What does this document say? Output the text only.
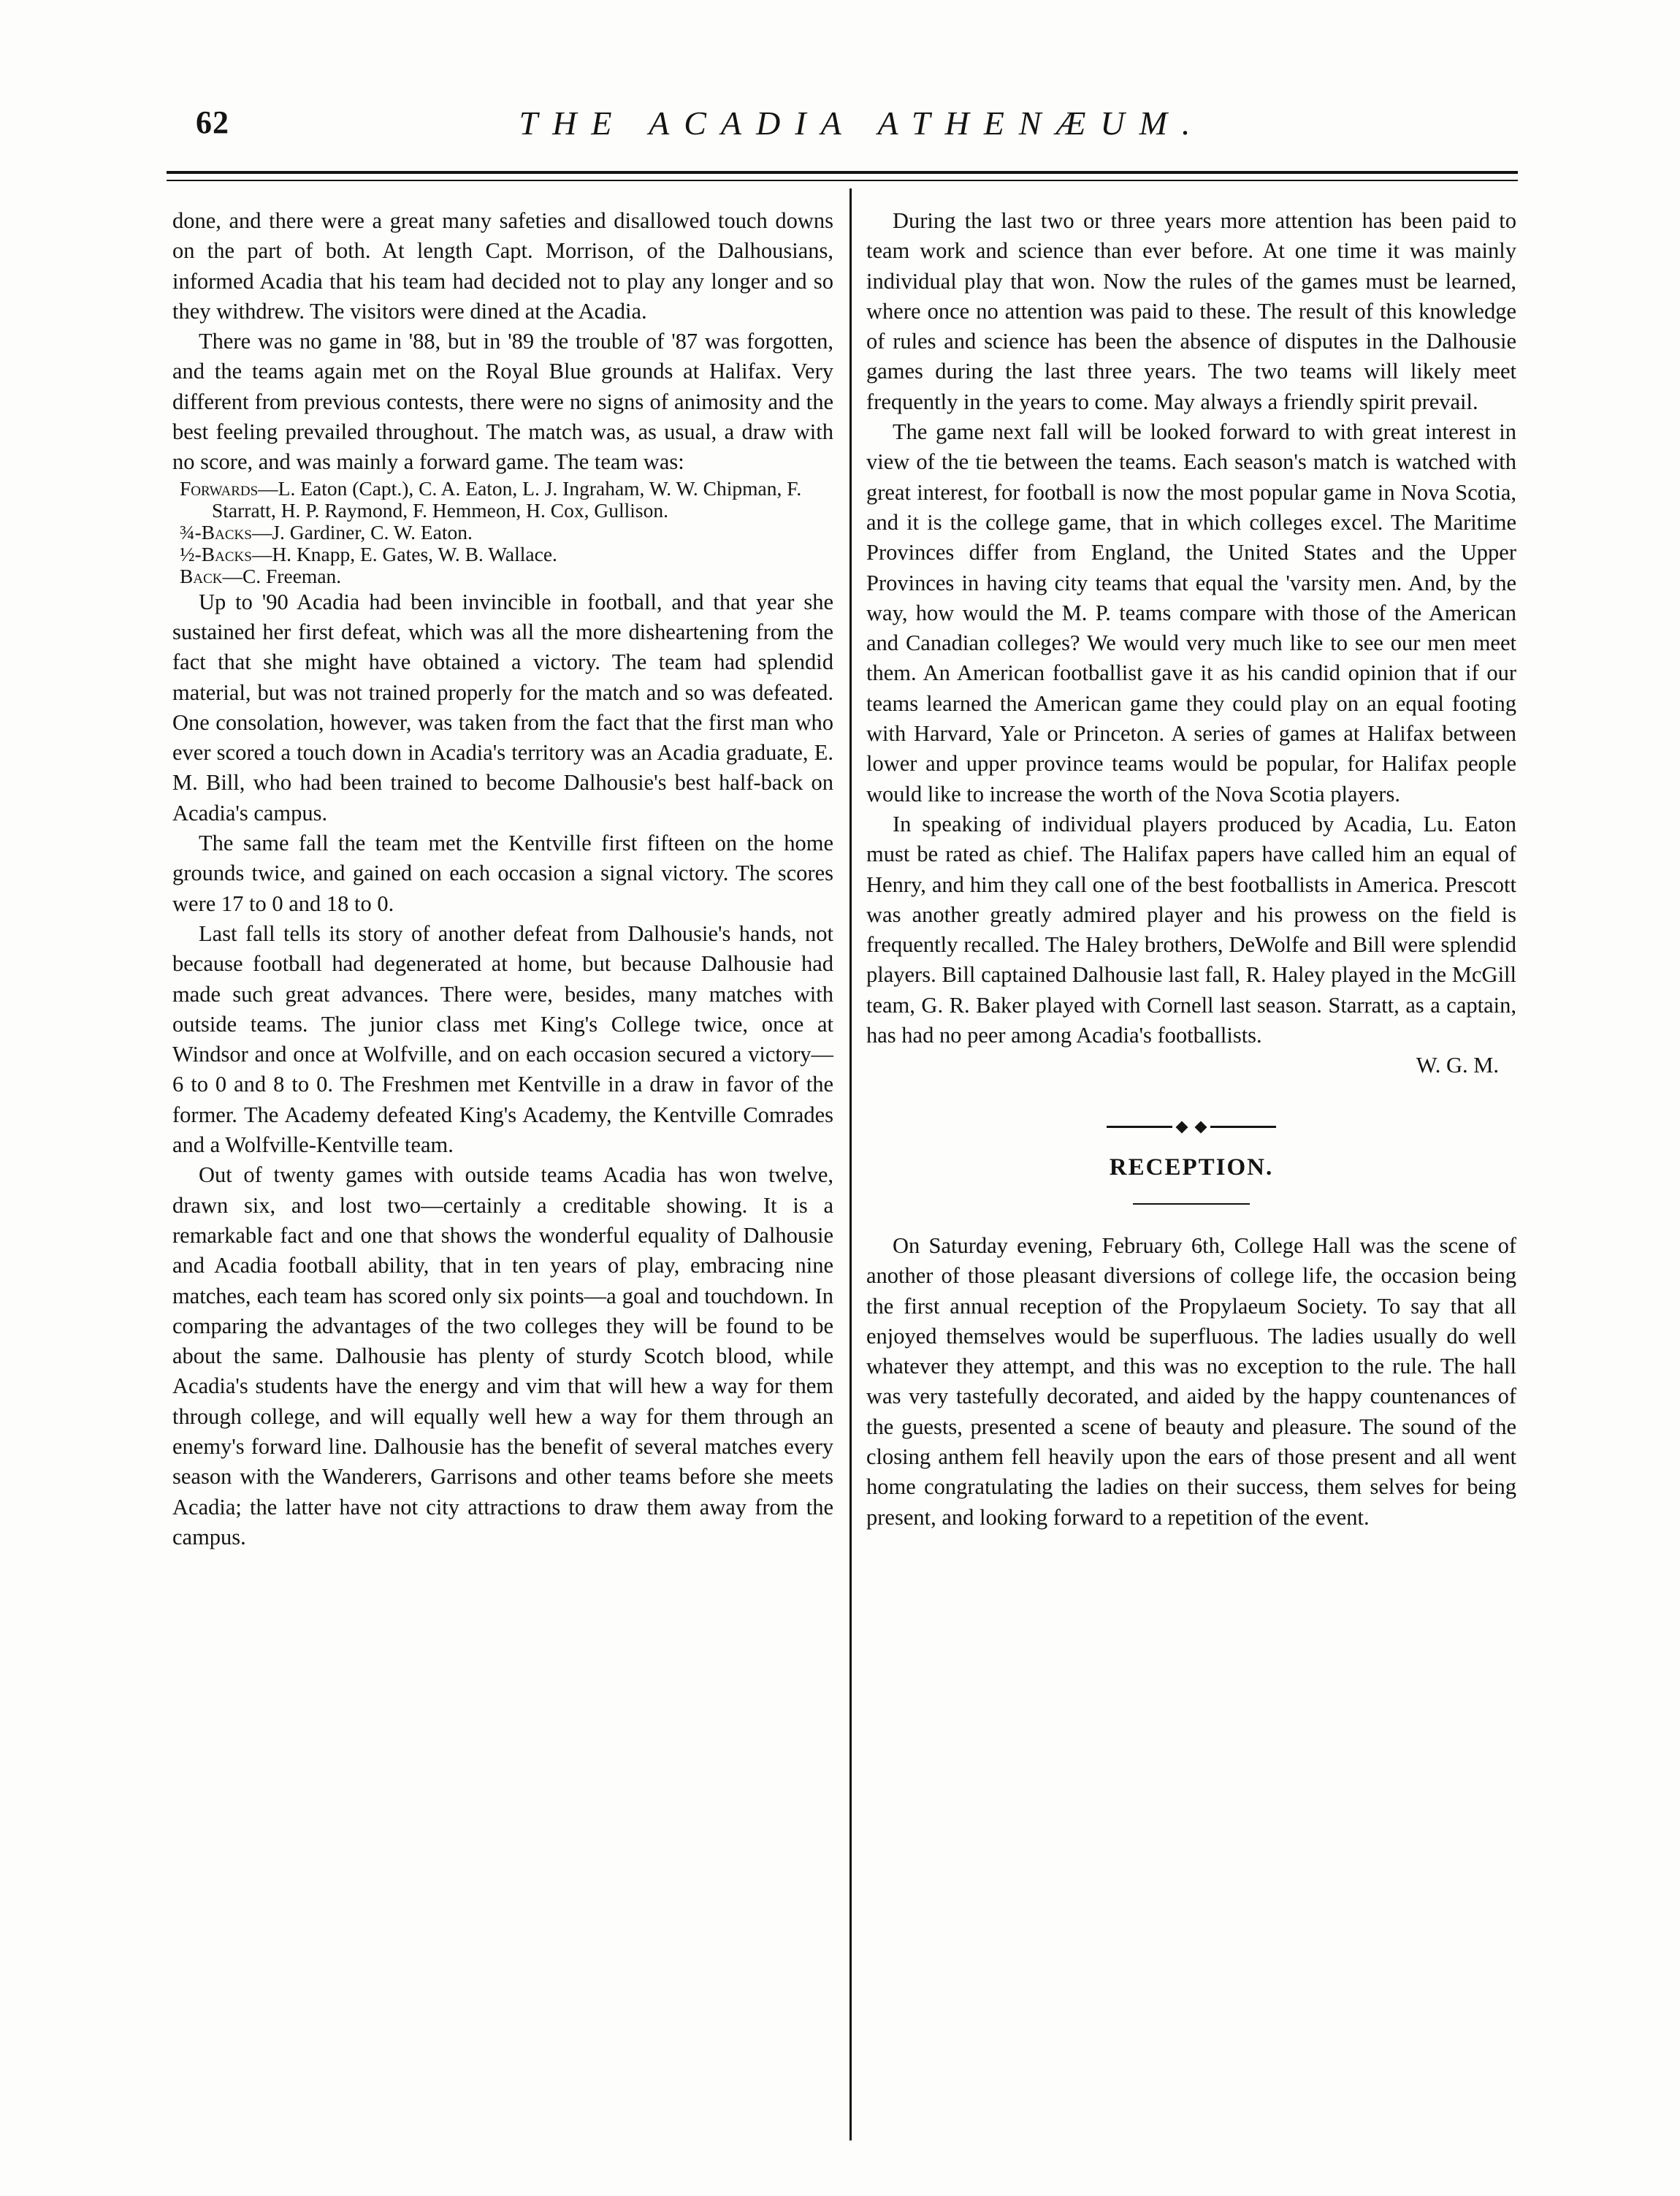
62	THE ACADIA ATHENÆUM.

done, and there were a great many safeties and disallowed touch downs on the part of both. At length Capt. Morrison, of the Dalhousians, informed Acadia that his team had decided not to play any longer and so they withdrew. The visitors were dined at the Acadia.

There was no game in '88, but in '89 the trouble of '87 was forgotten, and the teams again met on the Royal Blue grounds at Halifax. Very different from previous contests, there were no signs of animosity and the best feeling prevailed throughout. The match was, as usual, a draw with no score, and was mainly a forward game. The team was:

Forwards—L. Eaton (Capt.), C. A. Eaton, L. J. Ingraham, W. W. Chipman, F. Starratt, H. P. Raymond, F. Hemmeon, H. Cox, Gullison.

¾-Backs—J. Gardiner, C. W. Eaton.

½-Backs—H. Knapp, E. Gates, W. B. Wallace.

Back—C. Freeman.

Up to '90 Acadia had been invincible in football, and that year she sustained her first defeat, which was all the more disheartening from the fact that she might have obtained a victory. The team had splendid material, but was not trained properly for the match and so was defeated. One consolation, however, was taken from the fact that the first man who ever scored a touch down in Acadia's territory was an Acadia graduate, E. M. Bill, who had been trained to become Dalhousie's best half-back on Acadia's campus.

The same fall the team met the Kentville first fifteen on the home grounds twice, and gained on each occasion a signal victory. The scores were 17 to 0 and 18 to 0.

Last fall tells its story of another defeat from Dalhousie's hands, not because football had degenerated at home, but because Dalhousie had made such great advances. There were, besides, many matches with outside teams. The junior class met King's College twice, once at Windsor and once at Wolfville, and on each occasion secured a victory—6 to 0 and 8 to 0. The Freshmen met Kentville in a draw in favor of the former. The Academy defeated King's Academy, the Kentville Comrades and a Wolfville-Kentville team.

Out of twenty games with outside teams Acadia has won twelve, drawn six, and lost two—certainly a creditable showing. It is a remarkable fact and one that shows the wonderful equality of Dalhousie and Acadia football ability, that in ten years of play, embracing nine matches, each team has scored only six points—a goal and touchdown. In comparing the advantages of the two colleges they will be found to be about the same. Dalhousie has plenty of sturdy Scotch blood, while Acadia's students have the energy and vim that will hew a way for them through college, and will equally well hew a way for them through an enemy's forward line. Dalhousie has the benefit of several matches every season with the Wanderers, Garrisons and other teams before she meets Acadia; the latter have not city attractions to draw them away from the campus.

During the last two or three years more attention has been paid to team work and science than ever before. At one time it was mainly individual play that won. Now the rules of the games must be learned, where once no attention was paid to these. The result of this knowledge of rules and science has been the absence of disputes in the Dalhousie games during the last three years. The two teams will likely meet frequently in the years to come. May always a friendly spirit prevail.

The game next fall will be looked forward to with great interest in view of the tie between the teams. Each season's match is watched with great interest, for football is now the most popular game in Nova Scotia, and it is the college game, that in which colleges excel. The Maritime Provinces differ from England, the United States and the Upper Provinces in having city teams that equal the 'varsity men. And, by the way, how would the M. P. teams compare with those of the American and Canadian colleges? We would very much like to see our men meet them. An American footballist gave it as his candid opinion that if our teams learned the American game they could play on an equal footing with Harvard, Yale or Princeton. A series of games at Halifax between lower and upper province teams would be popular, for Halifax people would like to increase the worth of the Nova Scotia players.

In speaking of individual players produced by Acadia, Lu. Eaton must be rated as chief. The Halifax papers have called him an equal of Henry, and him they call one of the best footballists in America. Prescott was another greatly admired player and his prowess on the field is frequently recalled. The Haley brothers, DeWolfe and Bill were splendid players. Bill captained Dalhousie last fall, R. Haley played in the McGill team, G. R. Baker played with Cornell last season. Starratt, as a captain, has had no peer among Acadia's footballists.

W. G. M.
RECEPTION.

On Saturday evening, February 6th, College Hall was the scene of another of those pleasant diversions of college life, the occasion being the first annual reception of the Propylaeum Society. To say that all enjoyed themselves would be superfluous. The ladies usually do well whatever they attempt, and this was no exception to the rule. The hall was very tastefully decorated, and aided by the happy countenances of the guests, presented a scene of beauty and pleasure. The sound of the closing anthem fell heavily upon the ears of those present and all went home congratulating the ladies on their success, them selves for being present, and looking forward to a repetition of the event.
